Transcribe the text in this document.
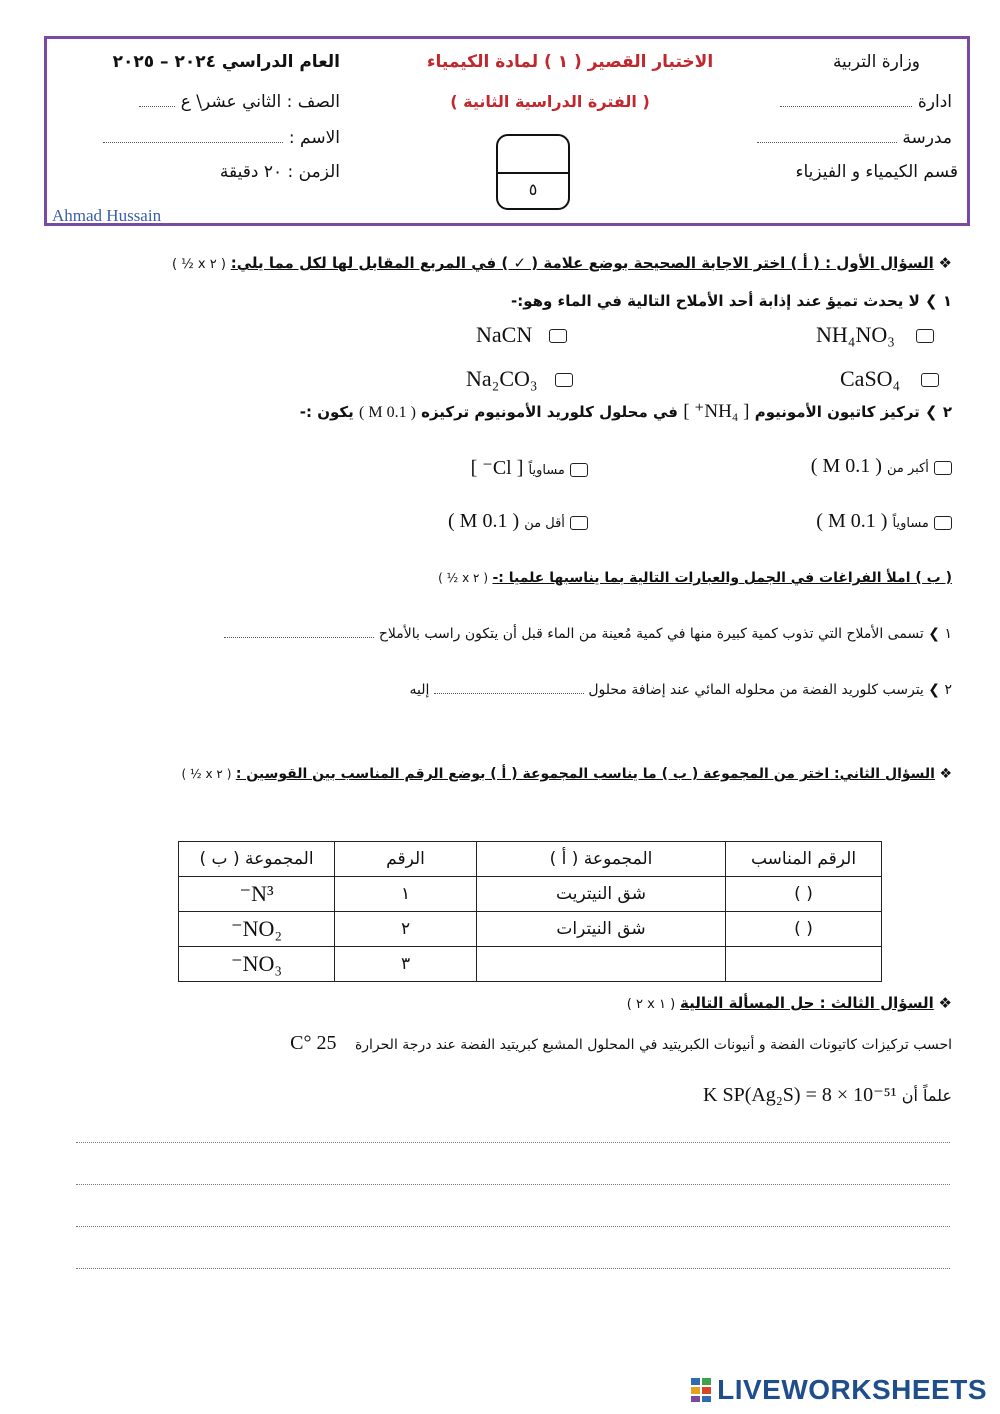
وزارة التربية
ادارة
مدرسة
قسم الكيمياء و الفيزياء
الاختبار القصير ( ١ ) لمادة الكيمياء
( الفترة الدراسية الثانية )
٥
العام الدراسي ٢٠٢٤ – ٢٠٢٥
الصف : الثاني عشر\ ع
الاسم :
الزمن : ٢٠ دقيقة
Ahmad Hussain
❖ السؤال الأول : ( أ ) اختر الاجابة الصحيحة بوضع علامة ( ✓ ) في المربع المقابل لها لكل مما يلي: ( ٢ x ½ )
١ ❯ لا يحدث تميؤ عند إذابة أحد الأملاح التالية في الماء وهو:-
NH₄NO₃
NaCN
CaSO₄
Na₂CO₃
٢ ❯ تركيز كاتيون الأمونيوم [ NH₄⁺ ] في محلول كلوريد الأمونيوم تركيزه ( 0.1 M ) يكون :-
أكبر من ( 0.1 M )
مساوياً [ Cl⁻ ]
مساوياً ( 0.1 M )
أقل من ( 0.1 M )
( ب ) املأ الفراغات في الجمل والعبارات التالية بما يناسبها علميا :- ( ٢ x ½ )
١ ❯ تسمى الأملاح التي تذوب كمية كبيرة منها في كمية مُعينة من الماء قبل أن يتكون راسب بالأملاح
٢ ❯ يترسب كلوريد الفضة من محلوله المائي عند إضافة محلول  إليه
❖ السؤال الثاني: اختر من المجموعة ( ب ) ما يناسب المجموعة ( أ ) بوضع الرقم المناسب بين القوسين : ( ٢ x ½ )
الرقم المناسب	المجموعة ( أ )	الرقم	المجموعة ( ب )
( )	شق النيتريت	١	N³⁻
( )	شق النيترات	٢	NO₂⁻
		٣	NO₃⁻
❖ السؤال الثالث : حل المسألة التالية ( ١ x ٢ )
احسب تركيزات كاتيونات الفضة و أنيونات الكبريتيد في المحلول المشبع كبريتيد الفضة عند درجة الحرارة 25 °C
علماً أن K SP(Ag₂S) = 8 × 10⁻⁵¹
LIVEWORKSHEETS
